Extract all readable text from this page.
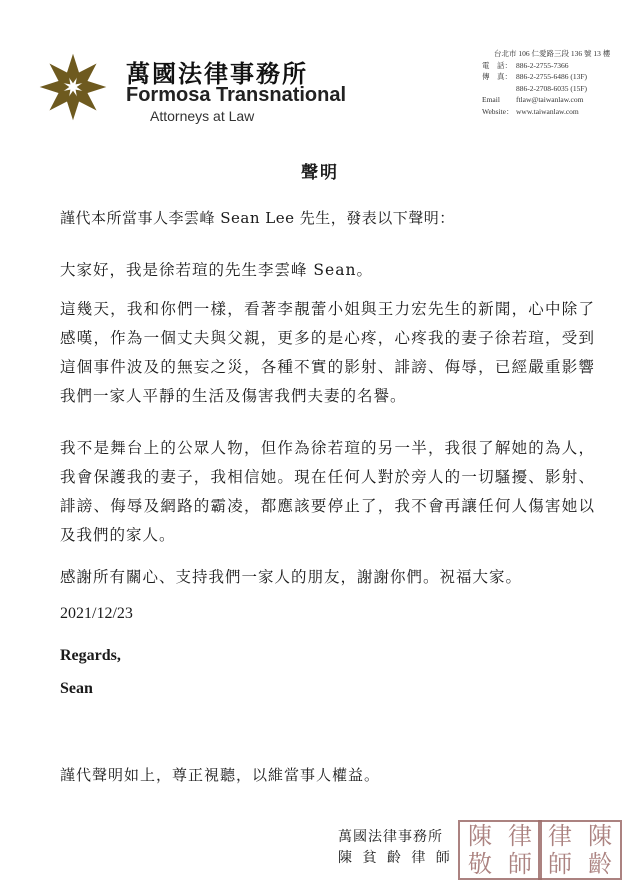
萬國法律事務所
Formosa Transnational
Attorneys at Law
台北市 106 仁愛路三段 136 號 13 樓
電　話： 886-2-2755-7366
傳　真： 886-2-2755-6486 (13F)
886-2-2708-6035 (15F)
Email	ftlaw@taiwanlaw.com
Website： www.taiwanlaw.com
聲明
謹代本所當事人李雲峰 Sean Lee 先生，發表以下聲明：
大家好，我是徐若瑄的先生李雲峰 Sean。
這幾天，我和你們一樣，看著李靚蕾小姐與王力宏先生的新聞，心中除了感嘆，作為一個丈夫與父親，更多的是心疼，心疼我的妻子徐若瑄，受到這個事件波及的無妄之災，各種不實的影射、誹謗、侮辱，已經嚴重影響我們一家人平靜的生活及傷害我們夫妻的名譽。
我不是舞台上的公眾人物，但作為徐若瑄的另一半，我很了解她的為人，我會保護我的妻子，我相信她。現在任何人對於旁人的一切騷擾、影射、誹謗、侮辱及網路的霸凌，都應該要停止了，我不會再讓任何人傷害她以及我們的家人。
感謝所有關心、支持我們一家人的朋友，謝謝你們。祝福大家。
2021/12/23
Regards,
Sean
謹代聲明如上，尊正視聽，以維當事人權益。
萬國法律事務所
陳 貧 齡 律 師
陳 律
敬 師
律 陳
師 齡
